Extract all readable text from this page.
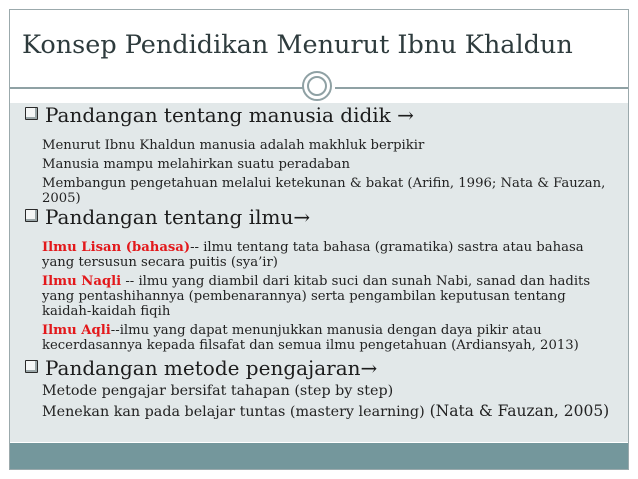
Konsep Pendidikan Menurut Ibnu Khaldun
Pandangan tentang manusia didik →
Menurut Ibnu Khaldun manusia adalah makhluk berpikir
Manusia mampu melahirkan suatu peradaban
Membangun pengetahuan melalui ketekunan & bakat (Arifin, 1996; Nata & Fauzan,
2005)
Pandangan tentang ilmu→
Ilmu Lisan (bahasa)-- ilmu tentang tata bahasa (gramatika) sastra atau bahasa
yang tersusun secara puitis (sya’ir)
Ilmu Naqli -- ilmu yang diambil dari kitab suci dan sunah Nabi, sanad dan hadits
yang pentashihannya (pembenarannya) serta pengambilan keputusan tentang
kaidah-kaidah fiqih
Ilmu Aqli--ilmu yang dapat menunjukkan manusia dengan daya pikir atau
kecerdasannya kepada filsafat dan semua ilmu pengetahuan (Ardiansyah, 2013)
Pandangan metode pengajaran→
Metode pengajar bersifat tahapan (step by step)
Menekan kan pada belajar tuntas (mastery learning) (Nata & Fauzan, 2005)
